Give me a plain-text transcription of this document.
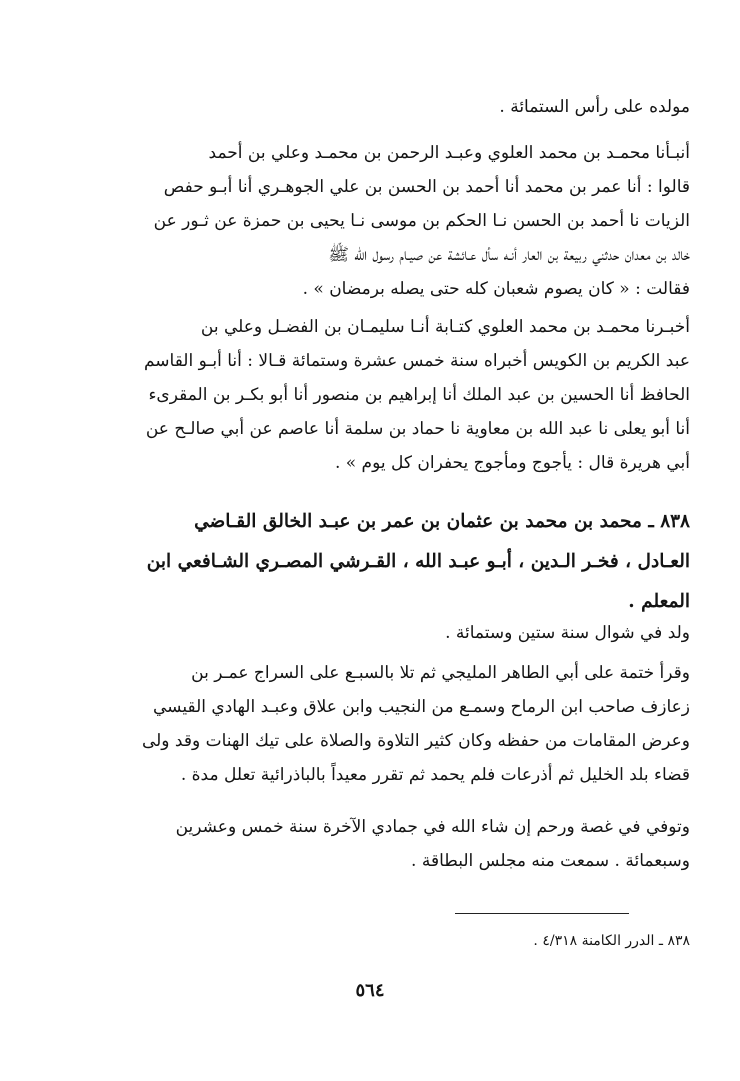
مولده على رأس الستمائة .

أنبـأنا محمـد بن محمد العلوي وعبـد الرحمن بن محمـد وعلي بن أحمد
قالوا : أنا عمر بن محمد أنا أحمد بن الحسن بن علي الجوهـري أنا أبـو حفص
الزيات نا أحمد بن الحسن نـا الحكم بن موسى نـا يحيى بن حمزة عن ثـور عن
خالد بن معدان حدثني ربيعة بن العار أنـه سأل عـائشة عن صيـام رسول الله ﷺ
فقالت : « كان يصوم شعبان كله حتى يصله برمضان » .

أخبـرنا محمـد بن محمد العلوي كتـابة أنـا سليمـان بن الفضـل وعلي بن
عبد الكريم بن الكويس أخبراه سنة خمس عشرة وستمائة قـالا : أنا أبـو القاسم
الحافظ أنا الحسين بن عبد الملك أنا إبراهيم بن منصور أنا أبو بكـر بن المقرىء
أنا أبو يعلى نا عبد الله بن معاوية نا حماد بن سلمة أنا عاصم عن أبي صالـح عن
أبي هريرة قال : يأجوج ومأجوج يحفران كل يوم » .

٨٣٨ ـ محمد بن محمد بن عثمان بن عمر بن عبـد الخالق القـاضي
العـادل ، فخـر الـدين ، أبـو عبـد الله ، القـرشي المصـري الشـافعي ابن
المعلم .

ولد في شوال سنة ستين وستمائة .

وقرأ ختمة على أبي الطاهر المليجي ثم تلا بالسبـع على السراج عمـر بن
زعازف صاحب ابن الرماح وسمـع من النجيب وابن علاق وعبـد الهادي القيسي
وعرض المقامات من حفظه وكان كثير التلاوة والصلاة على تيك الهنات وقد ولى
قضاء بلد الخليل ثم أذرعات فلم يحمد ثم تقرر معيداً بالباذرائية تعلل مدة .

وتوفي في غصة ورحم إن شاء الله في جمادي الآخرة سنة خمس وعشرين
وسبعمائة . سمعت منه مجلس البطاقة .

٨٣٨ ـ الدرر الكامنة ٤/٣١٨ .

٥٦٤
